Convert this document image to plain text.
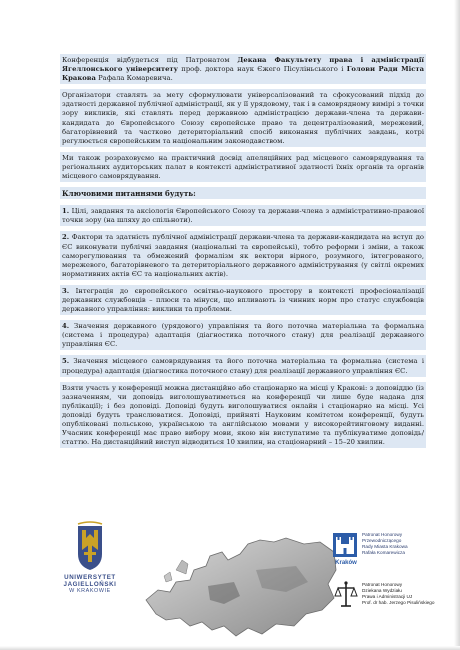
Конференція відбудеться під Патронатом Декана Факультету права і адміністрації Ягеллонського університету проф. доктора наук Єжего Пісуліньського і Голови Ради Міста Кракова Рафала Комаревича.

Організатори ставлять за мету сформулювати універсалізований та сфокусований підхід до здатності державної публічної адміністрації, як у її урядовому, так і в самоврядному вимірі з точки зору викликів, які ставлять перед державною адміністрацією держави-члена та держави-кандидата до Європейського Союзу європейське право та децентралізований, мережевий, багаторівневий та частково детериторіальний спосіб виконання публічних завдань, котрі регулюється європейським та національним законодавством.

Ми також розраховуємо на практичний досвід апеляційних рад місцевого самоврядування та регіональних аудиторських палат в контексті адміністративної здатності їхніх органів та органів місцевого самоврядування.

Ключовими питаннями будуть:

1. Цілі, завдання та аксіологія Європейського Союзу та держави-члена з адміністративно-правової точки зору (на шляху до спільноти).

2. Фактори та здатність публічної адміністрації держави-члена та держави-кандидата на вступ до ЄС виконувати публічні завдання (національні та європейські), тобто реформи і зміни, а також саморегулювання та обмежений формалізм як вектори вірного, розумного, інтегрованого, мережевого, багаторівневого та детериторіального державного адміністрування (у світлі окремих нормативних актів ЄС та національних актів).

3. Інтеграція до європейського освітньо-наукового простору в контексті професіоналізації державних службовців – плюси та мінуси, що впливають із чинних норм про статус службовців державного управління: виклики та проблеми.

4. Значення державного (урядового) управління та його поточна матеріальна та формальна (система і процедура) адаптація (діагностика поточного стану) для реалізації державного управління ЄС.

5. Значення місцевого самоврядування та його поточна матеріальна та формальна (система і процедура) адаптація (діагностика поточного стану) для реалізації державного управління ЄС.

Взяти участь у конференції можна дистанційно або стаціонарно на місці у Кракові: з доповіддю (із зазначенням, чи доповідь виголошуватиметься на конференції чи лише буде надана для публікації); і без доповіді. Доповіді будуть виголошуватися онлайн і стаціонарно на місці. Усі доповіді будуть транслюватися. Доповіді, прийняті Науковим комітетом конференції, будуть опубліковані польською, українською та англійською мовами у високорейтинговому виданні. Учасник конференції має право вибору мови, якою він виступатиме та публікуватиме доповідь/статтю. На дистанційний виступ відводиться 10 хвилин, на стаціонарний – 15–20 хвилин.

UNIWERSYTET
JAGIELLOŃSKI
W KRAKOWIE
Kraków
Patronat Honorowy
Przewodniczącego
Rady Miasta Krakowa
Rafała Komarewicza
Patronat Honorowy
Dziekana Wydziału
Prawa i Administracji UJ
Prof. dr hab. Jerzego Pisulińskiego
